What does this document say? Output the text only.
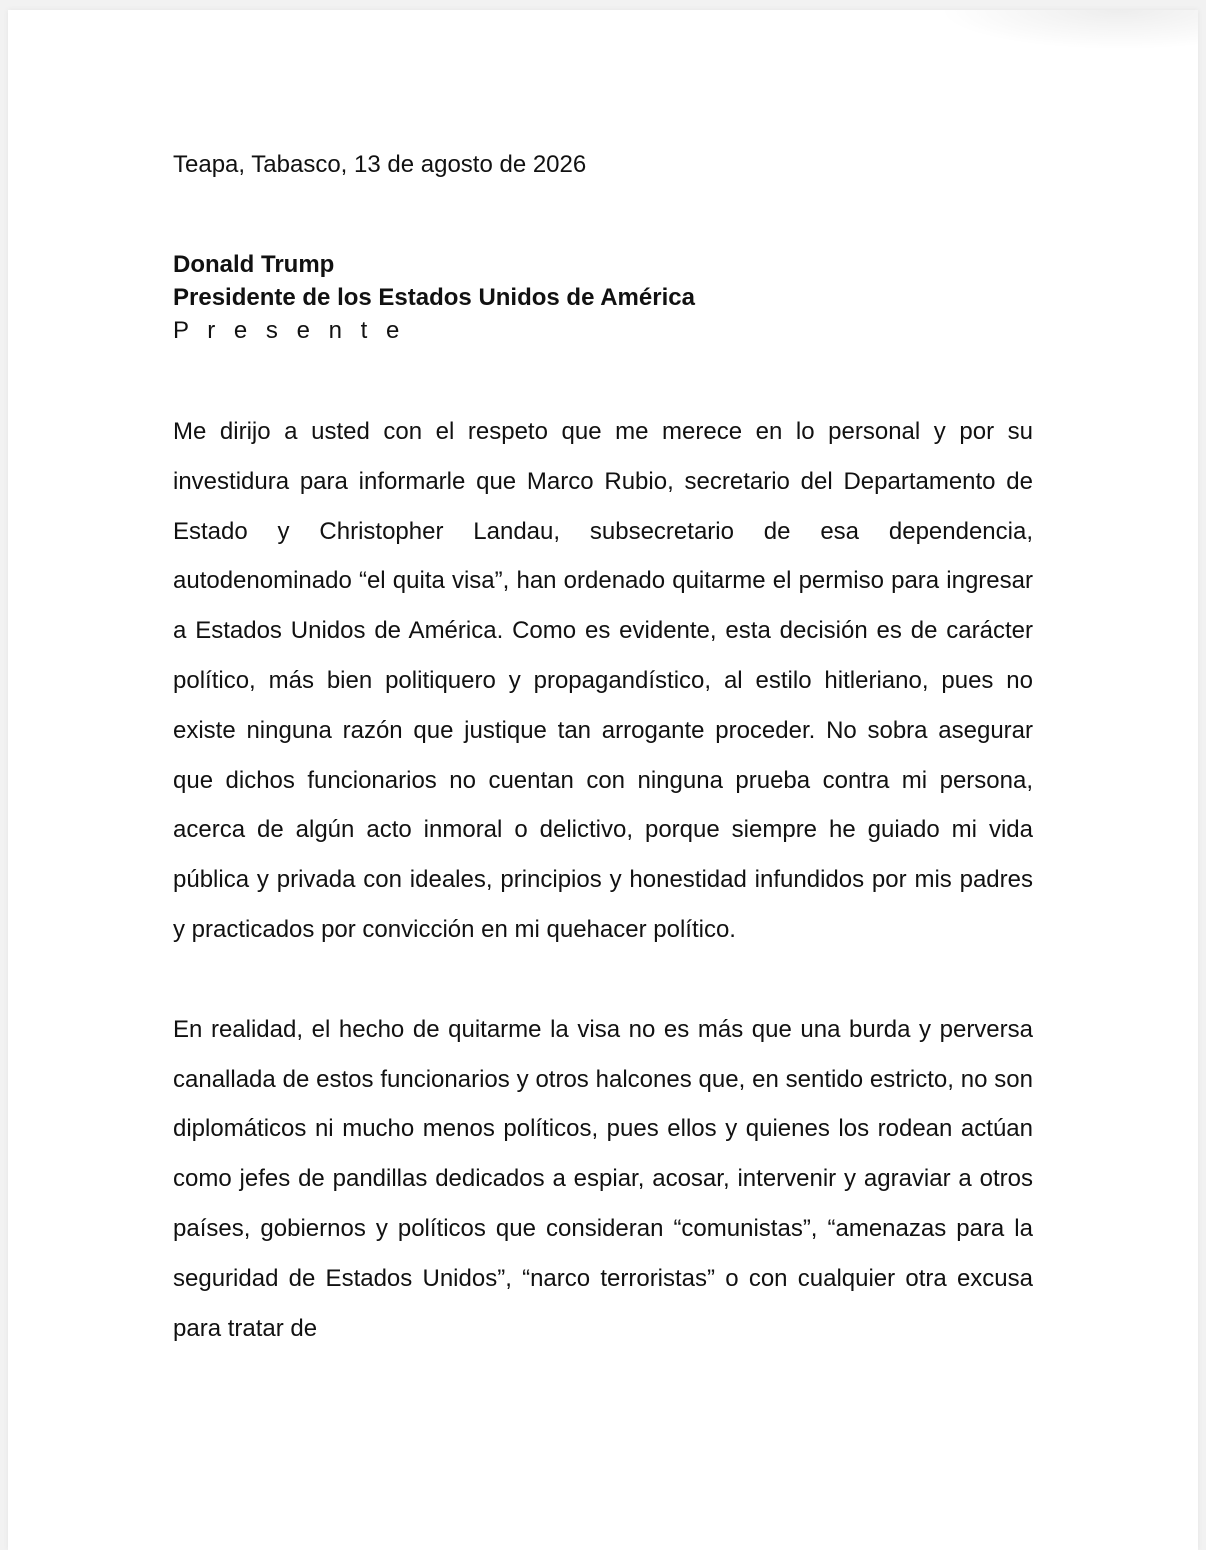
Teapa, Tabasco, 13 de agosto de 2026

Donald Trump

Presidente de los Estados Unidos de América

P r e s e n t e

Me dirijo a usted con el respeto que me merece en lo personal y por su investidura para informarle que Marco Rubio, secretario del Departamento de Estado y Christopher Landau, subsecretario de esa dependencia, autodenominado “el quita visa”, han ordenado quitarme el permiso para ingresar a Estados Unidos de América. Como es evidente, esta decisión es de carácter político, más bien politiquero y propagandístico, al estilo hitleriano, pues no existe ninguna razón que justique tan arrogante proceder. No sobra asegurar que dichos funcionarios no cuentan con ninguna prueba contra mi persona, acerca de algún acto inmoral o delictivo, porque siempre he guiado mi vida pública y privada con ideales, principios y honestidad infundidos por mis padres y practicados por convicción en mi quehacer político.

En realidad, el hecho de quitarme la visa no es más que una burda y perversa canallada de estos funcionarios y otros halcones que, en sentido estricto, no son diplomáticos ni mucho menos políticos, pues ellos y quienes los rodean actúan como jefes de pandillas dedicados a espiar, acosar, intervenir y agraviar a otros países, gobiernos y políticos que consideran “comunistas”, “amenazas para la seguridad de Estados Unidos”, “narco terroristas” o con cualquier otra excusa para tratar de
